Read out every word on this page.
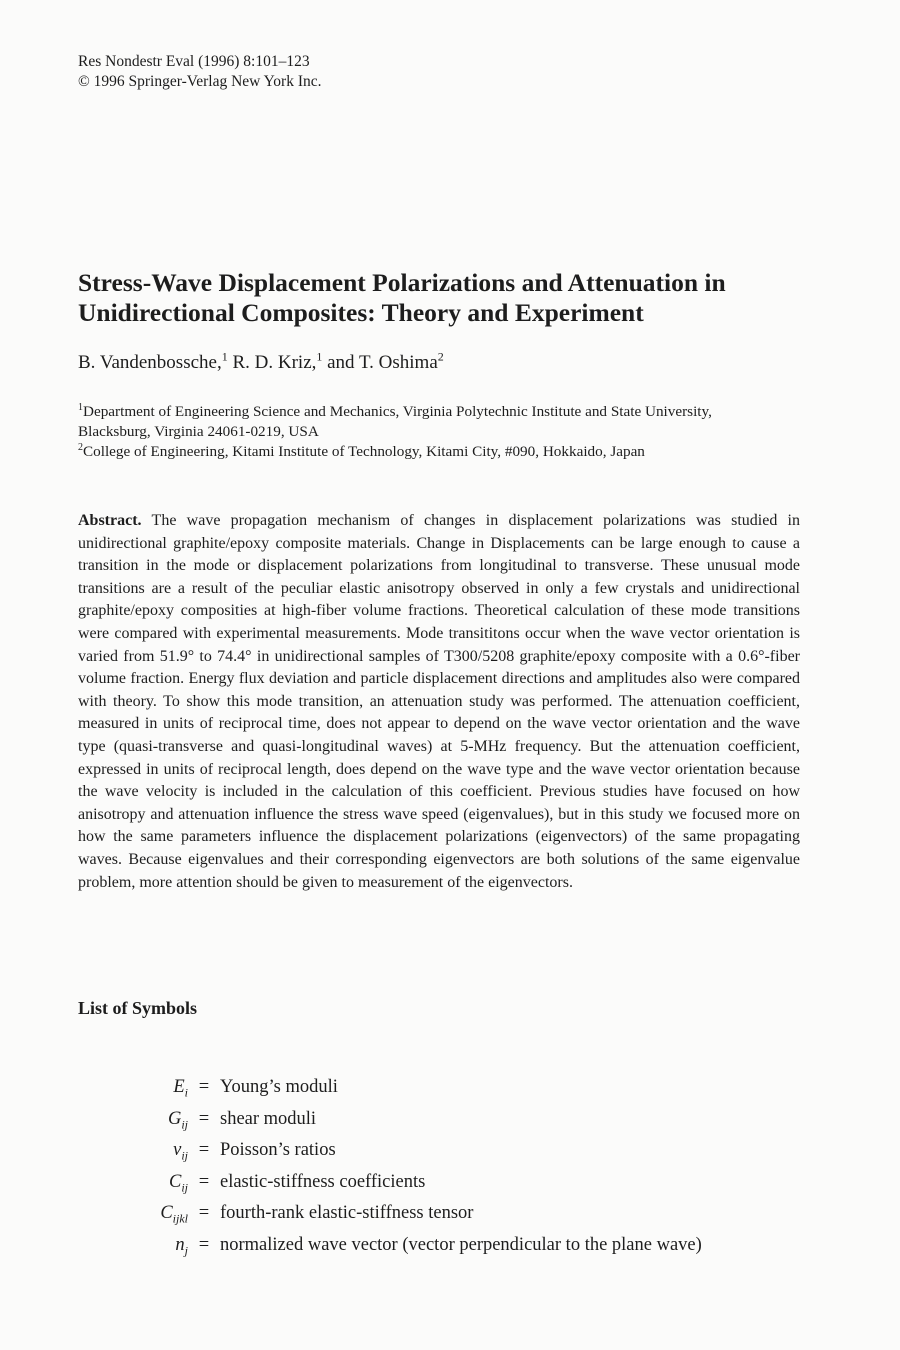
Res Nondestr Eval (1996) 8:101–123
© 1996 Springer-Verlag New York Inc.
Stress-Wave Displacement Polarizations and Attenuation in
Unidirectional Composites: Theory and Experiment
B. Vandenbossche,$^1$ R. D. Kriz,$^1$ and T. Oshima$^2$
$^1$Department of Engineering Science and Mechanics, Virginia Polytechnic Institute and State University,
Blacksburg, Virginia 24061-0219, USA
$^2$College of Engineering, Kitami Institute of Technology, Kitami City, #090, Hokkaido, Japan

Abstract. The wave propagation mechanism of changes in displacement polarizations was studied in unidirectional graphite/epoxy composite materials. Change in Displacements can be large enough to cause a transition in the mode or displacement polarizations from longitudinal to transverse. These unusual mode transitions are a result of the peculiar elastic anisotropy observed in only a few crystals and unidirectional graphite/epoxy composities at high-fiber volume fractions. Theoretical calculation of these mode transitions were compared with experimental measurements. Mode transititons occur when the wave vector orientation is varied from 51.9° to 74.4° in unidirectional samples of T300/5208 graphite/epoxy composite with a 0.6°-fiber volume fraction. Energy flux deviation and particle displacement directions and amplitudes also were compared with theory. To show this mode transition, an attenuation study was performed. The attenuation coefficient, measured in units of reciprocal time, does not appear to depend on the wave vector orientation and the wave type (quasi-transverse and quasi-longitudinal waves) at 5-MHz frequency. But the attenuation coefficient, expressed in units of reciprocal length, does depend on the wave type and the wave vector orientation because the wave velocity is included in the calculation of this coefficient. Previous studies have focused on how anisotropy and attenuation influence the stress wave speed (eigenvalues), but in this study we focused more on how the same parameters influence the displacement polarizations (eigenvectors) of the same propagating waves. Because eigenvalues and their corresponding eigenvectors are both solutions of the same eigenvalue problem, more attention should be given to measurement of the eigenvectors.

List of Symbols
$E_i$ = Young’s moduli
$G_{ij}$ = shear moduli
$\nu_{ij}$ = Poisson’s ratios
$C_{ij}$ = elastic-stiffness coefficients
$C_{ijkl}$ = fourth-rank elastic-stiffness tensor
$n_j$ = normalized wave vector (vector perpendicular to the plane wave)
